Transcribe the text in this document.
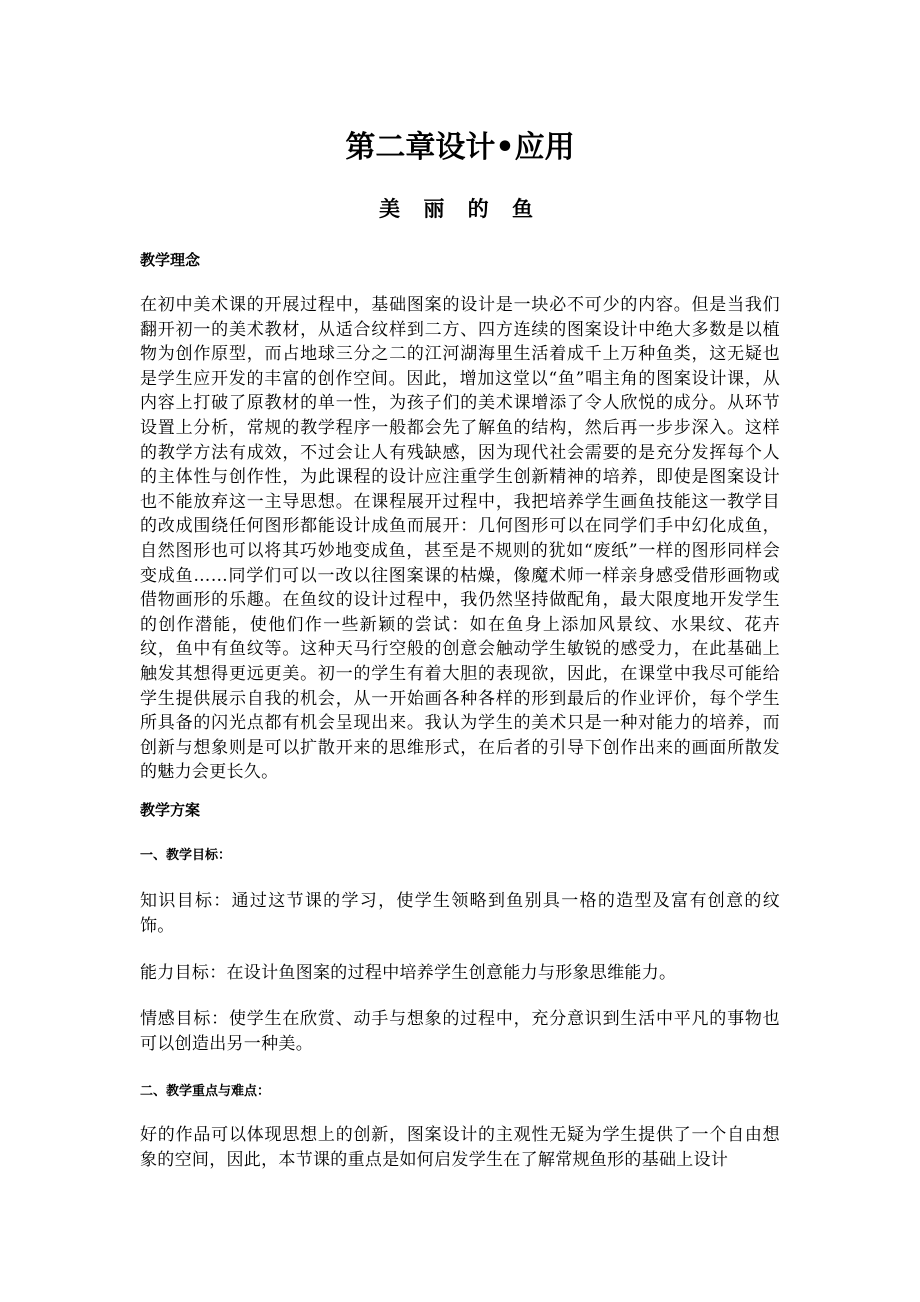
第二章设计•应用
美 丽 的 鱼
教学理念

在初中美术课的开展过程中，基础图案的设计是一块必不可少的内容。但是当我们翻开初一的美术教材，从适合纹样到二方、四方连续的图案设计中绝大多数是以植物为创作原型，而占地球三分之二的江河湖海里生活着成千上万种鱼类，这无疑也是学生应开发的丰富的创作空间。因此，增加这堂以“鱼”唱主角的图案设计课，从内容上打破了原教材的单一性，为孩子们的美术课增添了令人欣悦的成分。从环节设置上分析，常规的教学程序一般都会先了解鱼的结构，然后再一步步深入。这样的教学方法有成效，不过会让人有残缺感，因为现代社会需要的是充分发挥每个人的主体性与创作性，为此课程的设计应注重学生创新精神的培养，即使是图案设计也不能放弃这一主导思想。在课程展开过程中，我把培养学生画鱼技能这一教学目的改成围绕任何图形都能设计成鱼而展开：几何图形可以在同学们手中幻化成鱼，自然图形也可以将其巧妙地变成鱼，甚至是不规则的犹如“废纸”一样的图形同样会变成鱼……同学们可以一改以往图案课的枯燥，像魔术师一样亲身感受借形画物或借物画形的乐趣。在鱼纹的设计过程中，我仍然坚持做配角，最大限度地开发学生的创作潜能，使他们作一些新颖的尝试：如在鱼身上添加风景纹、水果纹、花卉纹，鱼中有鱼纹等。这种天马行空般的创意会触动学生敏锐的感受力，在此基础上触发其想得更远更美。初一的学生有着大胆的表现欲，因此，在课堂中我尽可能给学生提供展示自我的机会，从一开始画各种各样的形到最后的作业评价，每个学生所具备的闪光点都有机会呈现出来。我认为学生的美术只是一种对能力的培养，而创新与想象则是可以扩散开来的思维形式，在后者的引导下创作出来的画面所散发的魅力会更长久。

教学方案
一、教学目标：

知识目标：通过这节课的学习，使学生领略到鱼别具一格的造型及富有创意的纹饰。

能力目标：在设计鱼图案的过程中培养学生创意能力与形象思维能力。

情感目标：使学生在欣赏、动手与想象的过程中，充分意识到生活中平凡的事物也可以创造出另一种美。

二、教学重点与难点：

好的作品可以体现思想上的创新，图案设计的主观性无疑为学生提供了一个自由想象的空间，因此，本节课的重点是如何启发学生在了解常规鱼形的基础上设计
